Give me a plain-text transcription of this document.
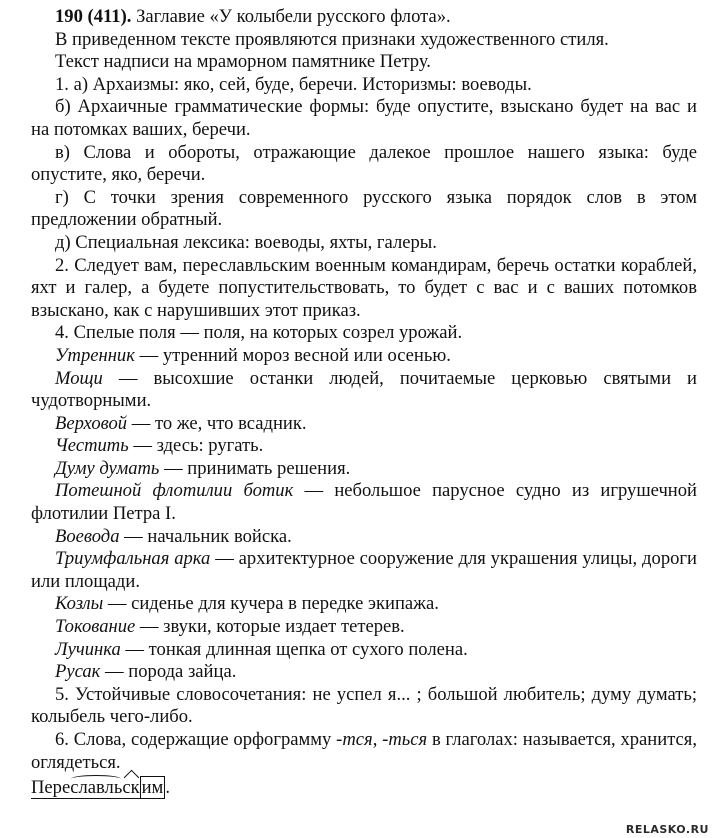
190 (411). Заглавие «У колыбели русского флота».

В приведенном тексте проявляются признаки художественного стиля.

Текст надписи на мраморном памятнике Петру.

1. а) Архаизмы: яко, сей, буде, беречи. Историзмы: воеводы.

б) Архаичные грамматические формы: буде опустите, взыскано будет на вас и на потомках ваших, беречи.

в) Слова и обороты, отражающие далекое прошлое нашего языка: буде опустите, яко, беречи.

г) С точки зрения современного русского языка порядок слов в этом предложении обратный.

д) Специальная лексика: воеводы, яхты, галеры.

2. Следует вам, переславльским военным командирам, беречь остатки кораблей, яхт и галер, а будете попустительствовать, то будет с вас и с ваших потомков взыскано, как с нарушивших этот приказ.

4. Спелые поля — поля, на которых созрел урожай.

Утренник — утренний мороз весной или осенью.

Мощи — высохшие останки людей, почитаемые церковью святыми и чудотворными.

Верховой — то же, что всадник.

Честить — здесь: ругать.

Думу думать — принимать решения.

Потешной флотилии ботик — небольшое парусное судно из игрушечной флотилии Петра I.

Воевода — начальник войска.

Триумфальная арка — архитектурное сооружение для украшения улицы, дороги или площади.

Козлы — сиденье для кучера в передке экипажа.

Токование — звуки, которые издает тетерев.

Лучинка — тонкая длинная щепка от сухого полена.

Русак — порода зайца.

5. Устойчивые словосочетания: не успел я... ; большой любитель; думу думать; колыбель чего-либо.

6. Слова, содержащие орфограмму -тся, -ться в глаголах: называется, хранится, оглядеться.

Переславльск им .

RELASKO.RU
